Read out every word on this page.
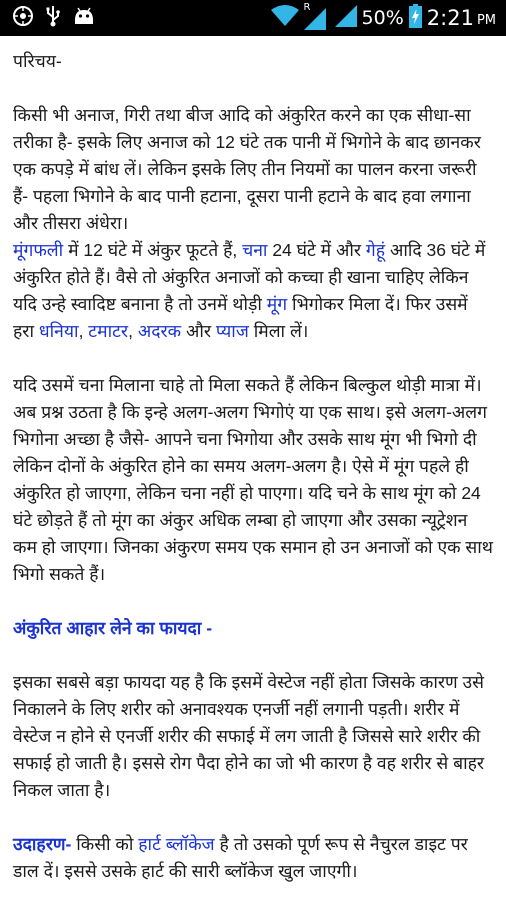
R	50% 2:21 PM

परिचय-

किसी भी अनाज, गिरी तथा बीज आदि को अंकुरित करने का एक सीधा-सा तरीका है- इसके लिए अनाज को 12 घंटे तक पानी में भिगोने के बाद छानकर एक कपड़े में बांध लें। लेकिन इसके लिए तीन नियमों का पालन करना जरूरी हैं- पहला भिगोने के बाद पानी हटाना, दूसरा पानी हटाने के बाद हवा लगाना और तीसरा अंधेरा।
मूंगफली में 12 घंटे में अंकुर फूटते हैं, चना 24 घंटे में और गेहूं आदि 36 घंटे में अंकुरित होते हैं। वैसे तो अंकुरित अनाजों को कच्चा ही खाना चाहिए लेकिन यदि उन्हे स्वादिष्ट बनाना है तो उनमें थोड़ी मूंग भिगोकर मिला दें। फिर उसमें हरा धनिया, टमाटर, अदरक और प्याज मिला लें।

यदि उसमें चना मिलाना चाहे तो मिला सकते हैं लेकिन बिल्कुल थोड़ी मात्रा में। अब प्रश्न उठता है कि इन्हे अलग-अलग भिगोएं या एक साथ। इसे अलग-अलग भिगोना अच्छा है जैसे- आपने चना भिगोया और उसके साथ मूंग भी भिगो दी लेकिन दोनों के अंकुरित होने का समय अलग-अलग है। ऐसे में मूंग पहले ही अंकुरित हो जाएगा, लेकिन चना नहीं हो पाएगा। यदि चने के साथ मूंग को 24 घंटे छोड़ते हैं तो मूंग का अंकुर अधिक लम्बा हो जाएगा और उसका न्यूट्रेशन कम हो जाएगा। जिनका अंकुरण समय एक समान हो उन अनाजों को एक साथ भिगो सकते हैं।

अंकुरित आहार लेने का फायदा -

इसका सबसे बड़ा फायदा यह है कि इसमें वेस्टेज नहीं होता जिसके कारण उसे निकालने के लिए शरीर को अनावश्यक एनर्जी नहीं लगानी पड़ती। शरीर में वेस्टेज न होने से एनर्जी शरीर की सफाई में लग जाती है जिससे सारे शरीर की सफाई हो जाती है। इससे रोग पैदा होने का जो भी कारण है वह शरीर से बाहर निकल जाता है।

उदाहरण- किसी को हार्ट ब्लॉकेज है तो उसको पूर्ण रूप से नैचुरल डाइट पर डाल दें। इससे उसके हार्ट की सारी ब्लॉकेज खुल जाएगी।
